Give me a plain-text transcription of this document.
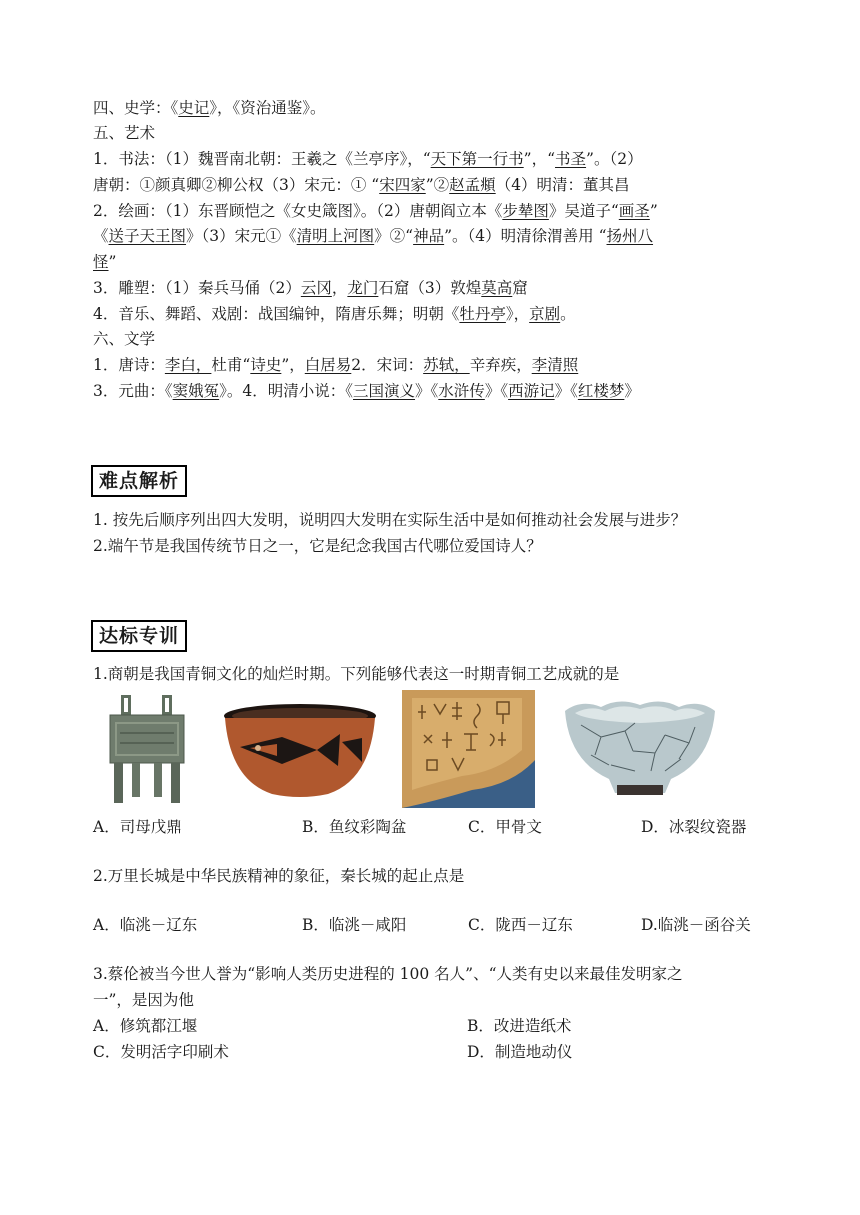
四、史学：《史记》，《资治通鉴》。
五、艺术
1．书法：（1）魏晋南北朝：王羲之《兰亭序》，“天下第一行书”，“书圣”。（2）
唐朝：①颜真卿②柳公权（3）宋元：① “宋四家”②赵孟頫（4）明清：董其昌
2．绘画：（1）东晋顾恺之《女史箴图》。（2）唐朝阎立本《步辇图》吴道子“画圣”
《送子天王图》（3）宋元①《清明上河图》②“神品”。（4）明清徐渭善用 “扬州八
怪”
3．雕塑：（1）秦兵马俑（2）云冈，龙门石窟（3）敦煌莫高窟
4．音乐、舞蹈、戏剧：战国编钟，隋唐乐舞；明朝《牡丹亭》，京剧。
六、文学
1．唐诗：李白，杜甫“诗史”，白居易2．宋词：苏轼，辛弃疾，李清照
3．元曲：《窦娥冤》。4．明清小说：《三国演义》《水浒传》《西游记》《红楼梦》
难点解析
1. 按先后顺序列出四大发明，说明四大发明在实际生活中是如何推动社会发展与进步？
2.端午节是我国传统节日之一，它是纪念我国古代哪位爱国诗人？
达标专训
1.商朝是我国青铜文化的灿烂时期。下列能够代表这一时期青铜工艺成就的是
A．司母戊鼎	B．鱼纹彩陶盆	C．甲骨文	D．冰裂纹瓷器
2.万里长城是中华民族精神的象征，秦长城的起止点是
A．临洮－辽东	B．临洮－咸阳	C．陇西－辽东	D.临洮－函谷关
3.蔡伦被当今世人誉为“影响人类历史进程的 100 名人”、“人类有史以来最佳发明家之
一”，是因为他
A．修筑都江堰	B．改进造纸术
C．发明活字印刷术	D．制造地动仪
